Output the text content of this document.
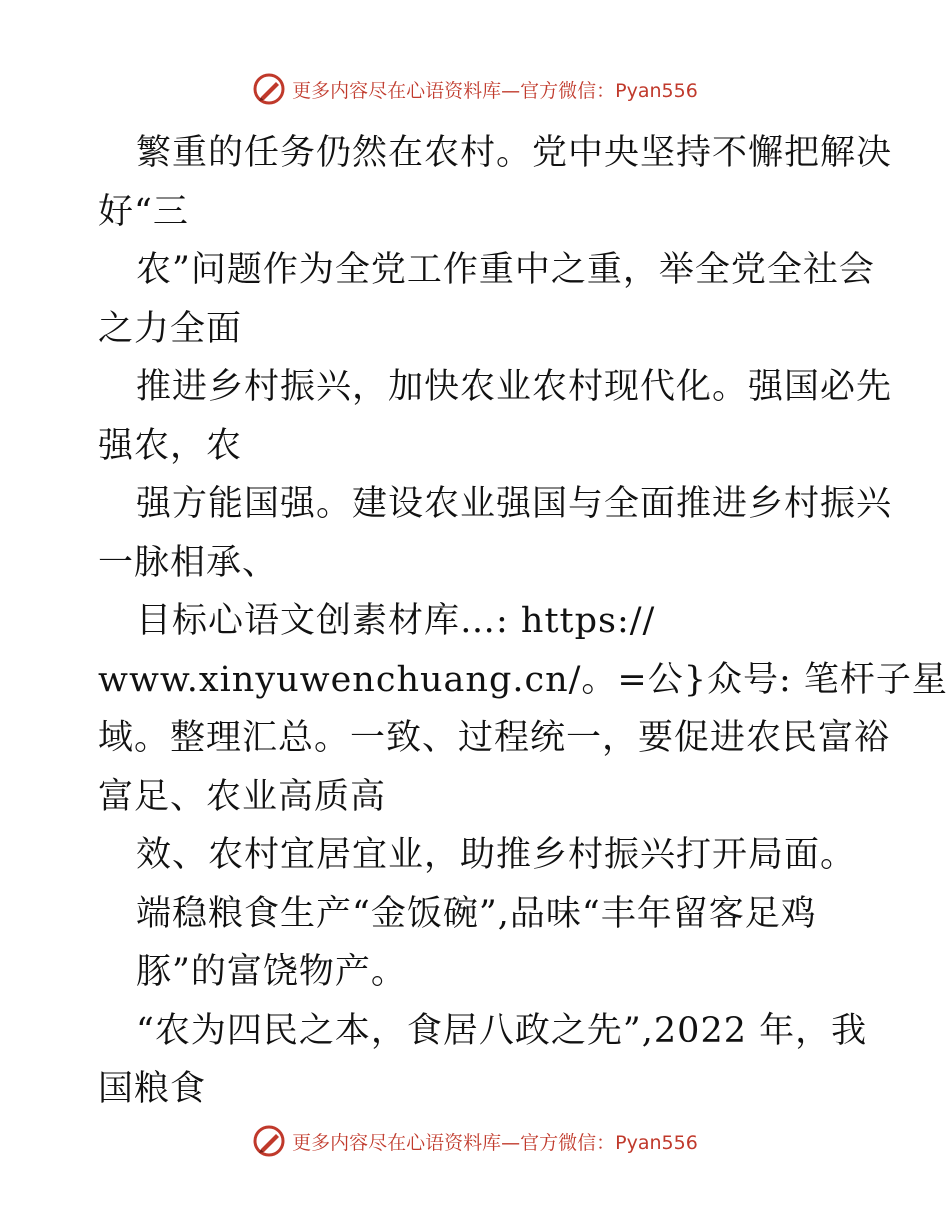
更多内容尽在心语资料库—官方微信：Pyan556
繁重的任务仍然在农村。党中央坚持不懈把解决
好“三
农”问题作为全党工作重中之重，举全党全社会
之力全面
推进乡村振兴，加快农业农村现代化。强国必先
强农，农
强方能国强。建设农业强国与全面推进乡村振兴
一脉相承、
目标心语文创素材库…: https://
www.xinyuwenchuang.cn/。=公}众号: 笔杆子星
域。整理汇总。一致、过程统一，要促进农民富裕
富足、农业高质高
效、农村宜居宜业，助推乡村振兴打开局面。
端稳粮食生产“金饭碗”,品味“丰年留客足鸡
豚”的富饶物产。
“农为四民之本，食居八政之先”,2022 年，我
国粮食
更多内容尽在心语资料库—官方微信：Pyan556
